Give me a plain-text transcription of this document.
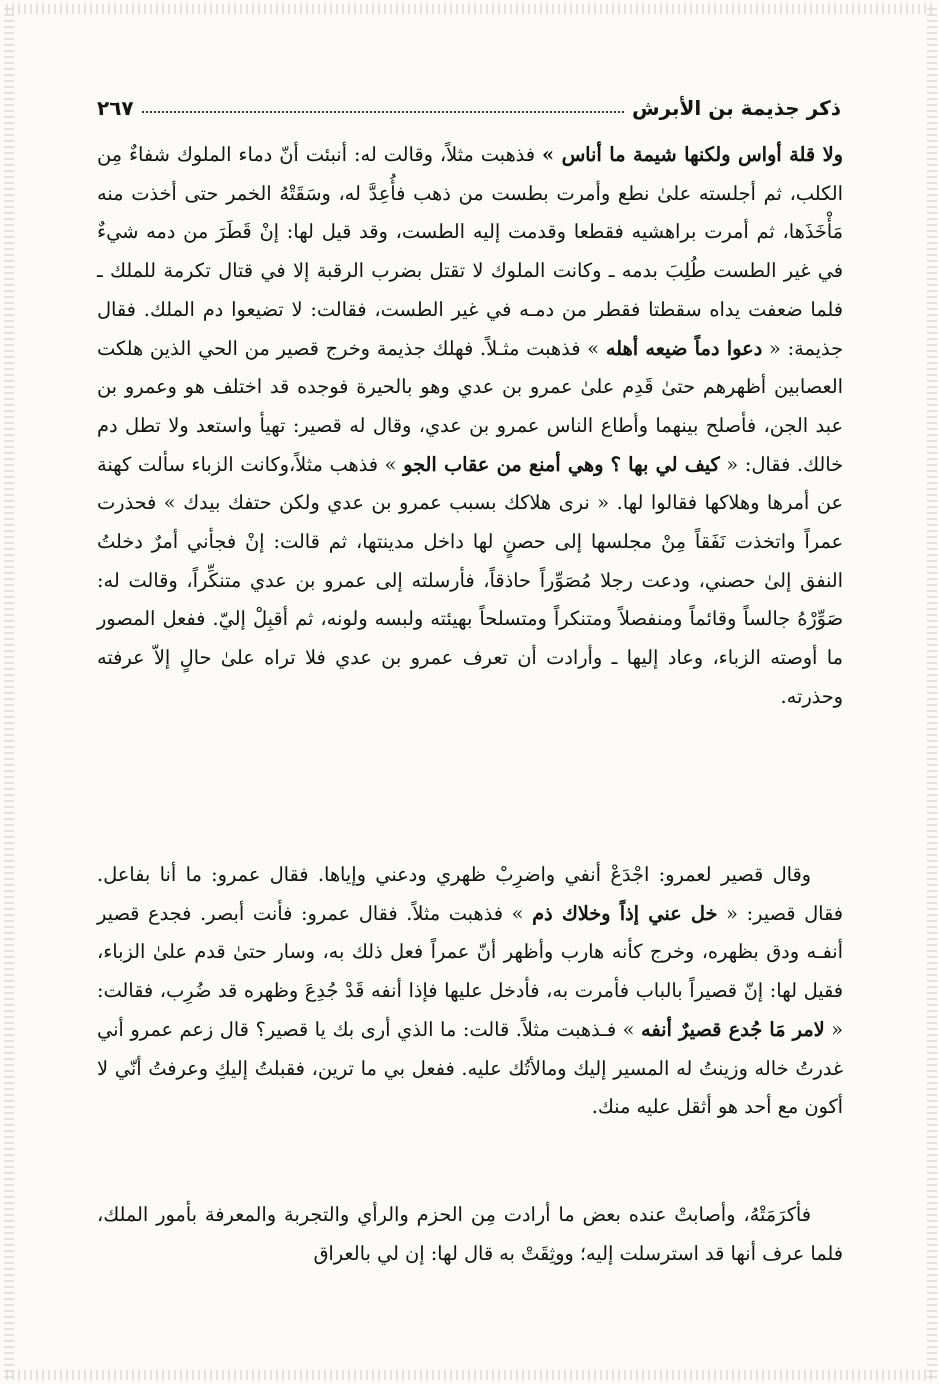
ذكر جذيمة بن الأبرش
٢٦٧

ولا قلة أواس ولكنها شيمة ما أناس » فذهبت مثلاً، وقالت له: أنبئت أنّ دماء الملوك شفاءٌ مِن الكلب، ثم أجلسته علىٰ نطع وأمرت بطست من ذهب فأُعِدَّ له، وسَقَتْهُ الخمر حتى أخذت منه مَأْخَذَها، ثم أمرت براهشيه فقطعا وقدمت إليه الطست، وقد قيل لها: إنْ قَطَرَ من دمه شيءٌ في غير الطست طُلِبَ بدمه ـ وكانت الملوك لا تقتل بضرب الرقبة إلا في قتال تكرمة للملك ـ فلما ضعفت يداه سقطتا فقطر من دمـه في غير الطست، فقالت: لا تضيعوا دم الملك. فقال جذيمة: « دعوا دماً ضيعه أهله » فذهبت مثـلاً. فهلك جذيمة وخرج قصير من الحي الذين هلكت العصابين أظهرهم حتىٰ قَدِم علىٰ عمرو بن عدي وهو بالحيرة فوجده قد اختلف هو وعمرو بن عبد الجن، فأصلح بينهما وأطاع الناس عمرو بن عدي، وقال له قصير: تهيأ واستعد ولا تطل دم خالك. فقال: « كيف لي بها ؟ وهي أمنع من عقاب الجو » فذهب مثلاً،وكانت الزباء سألت كهنة عن أمرها وهلاكها فقالوا لها. « نرى هلاكك بسبب عمرو بن عدي ولكن حتفك بيدك » فحذرت عمراً واتخذت نَفَقاً مِنْ مجلسها إلى حصنٍ لها داخل مدينتها، ثم قالت: إنْ فجأني أمرٌ دخلتُ النفق إلىٰ حصني، ودعت رجلا مُصَوِّراً حاذقاً، فأرسلته إلى عمرو بن عدي متنكِّراً، وقالت له: صَوِّرْهُ جالساً وقائماً ومنفصلاً ومتنكراً ومتسلحاً بهيئته ولبسه ولونه، ثم أقبِلْ إليّ. ففعل المصور ما أوصته الزباء، وعاد إليها ـ وأرادت أن تعرف عمرو بن عدي فلا تراه علىٰ حالٍ إلاّ عرفته وحذرته.

وقال قصير لعمرو: اجْدَعْ أنفي واضرِبْ ظهري ودعني وإياها. فقال عمرو: ما أنا بفاعل. فقال قصير: « خل عني إذاً وخلاك ذم » فذهبت مثلاً. فقال عمرو: فأنت أبصر. فجدع قصير أنفـه ودق بظهره، وخرج كأنه هارب وأظهر أنّ عمراً فعل ذلك به، وسار حتىٰ قدم علىٰ الزباء، فقيل لها: إنّ قصيراً بالباب فأمرت به، فأدخل عليها فإذا أنفه قَدْ جُدِعَ وظهره قد ضُرِب، فقالت: « لامر مَا جُدع قصيرٌ أنفه » فـذهبت مثلاً. قالت: ما الذي أرى بك يا قصير؟ قال زعم عمرو أني غدرتُ خاله وزينتُ له المسير إليك ومالأتُك عليه. ففعل بي ما ترين، فقبلتُ إليكِ وعرفتُ أنّي لا أكون مع أحد هو أثقل عليه منك.

فأكرَمَتْهُ، وأصابتْ عنده بعض ما أرادت مِن الحزم والرأي والتجربة والمعرفة بأمور الملك، فلما عرف أنها قد استرسلت إليه؛ ووثِقَتْ به قال لها: إن لي بالعراق
